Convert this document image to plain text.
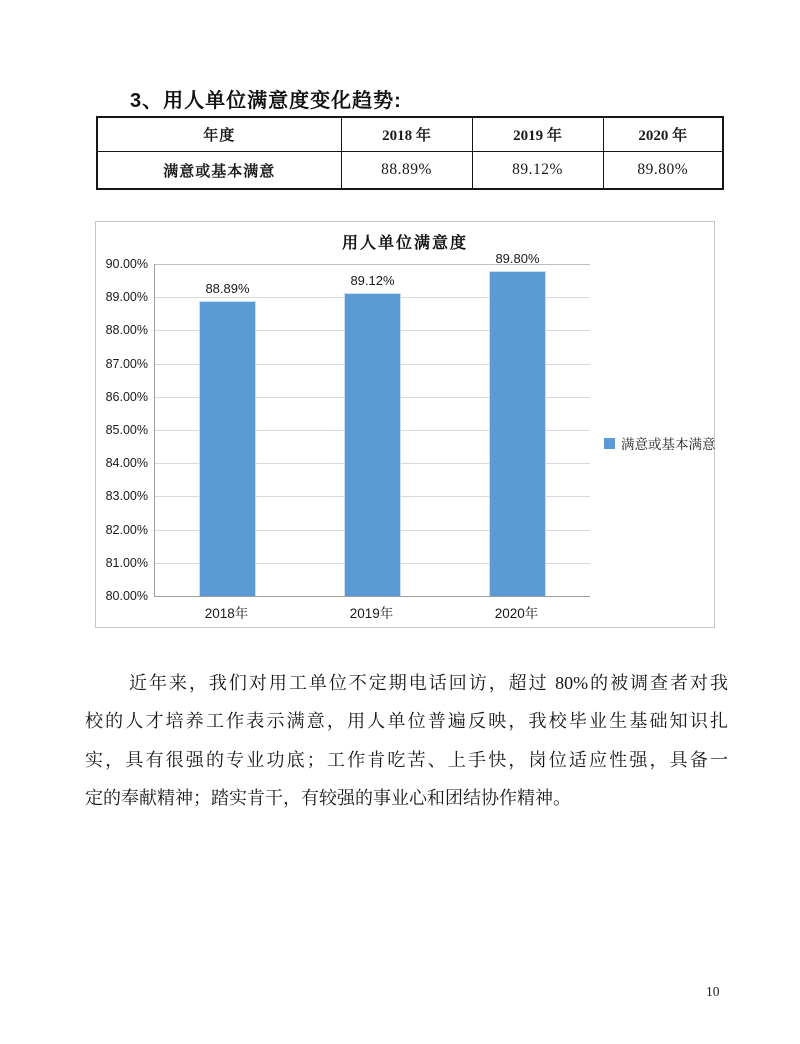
3、用人单位满意度变化趋势:
年度	2018 年	2019 年	2020 年
满意或基本满意	88.89%	89.12%	89.80%
用人单位满意度
90.00%
89.00%
88.00%
87.00%
86.00%
85.00%
84.00%
83.00%
82.00%
81.00%
80.00%
88.89%
89.12%
89.80%
2018年	2019年	2020年
满意或基本满意
近年来，我们对用工单位不定期电话回访，超过 80%的被调查者对我
校的人才培养工作表示满意，用人单位普遍反映，我校毕业生基础知识扎
实，具有很强的专业功底；工作肯吃苦、上手快，岗位适应性强，具备一
定的奉献精神；踏实肯干，有较强的事业心和团结协作精神。
10
